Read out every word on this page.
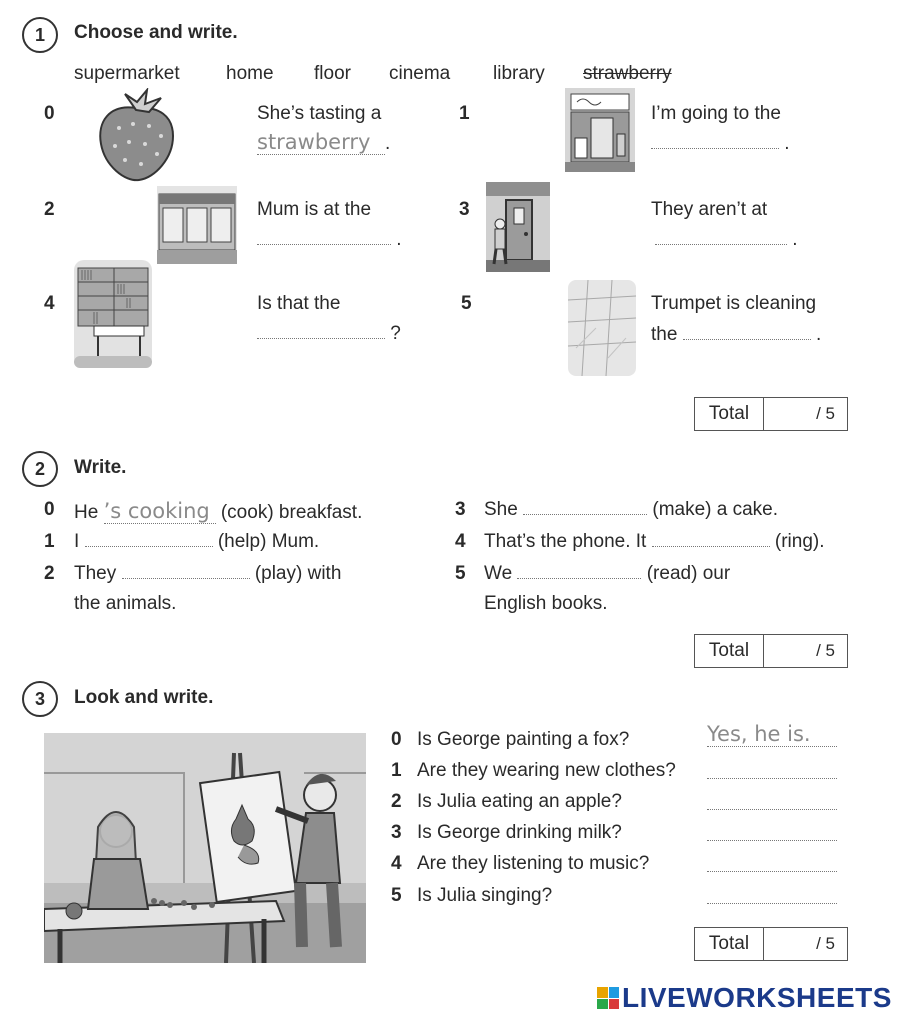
1	Choose and write.
supermarket home floor cinema library strawberry
0	She’s tasting a
strawberry .
1	I’m going to the
.
2	Mum is at the
.
3	They aren’t at
.
4	Is that the
?
5	Trumpet is cleaning
the	.
Total	/ 5
2	Write.
0 He ’s cooking (cook) breakfast.
1 I	(help) Mum.
2 They	(play) with
the animals.
3 She	(make) a cake.
4 That’s the phone. It	(ring).
5 We	(read) our
English books.
Total	/ 5
3	Look and write.
0 Is George painting a fox?	Yes, he is.
1 Are they wearing new clothes?
2 Is Julia eating an apple?
3 Is George drinking milk?
4 Are they listening to music?
5 Is Julia singing?
Total	/ 5
LIVEWORKSHEETS
